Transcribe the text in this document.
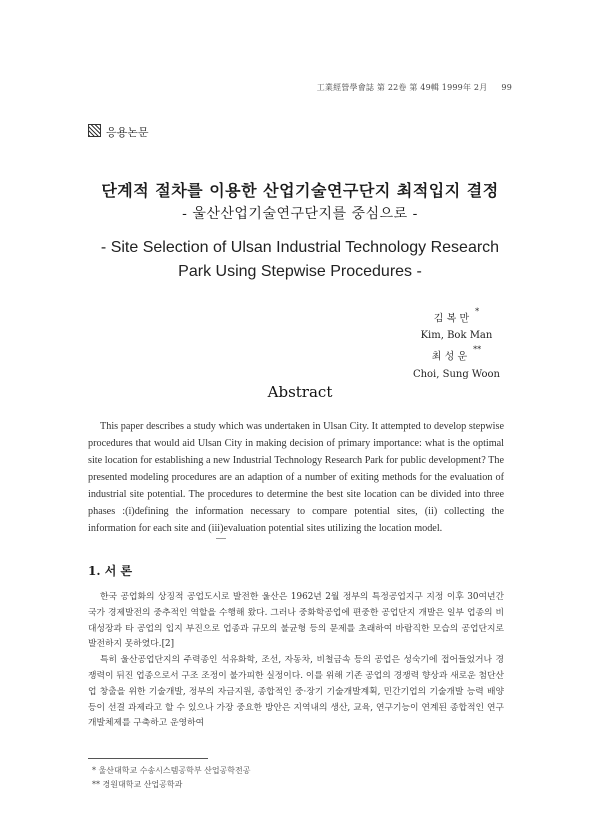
工業經營學會誌 第 22卷 第 49輯 1999年 2月 99
응용논문
단계적 절차를 이용한 산업기술연구단지 최적입지 결정
- 울산산업기술연구단지를 중심으로 -
- Site Selection of Ulsan Industrial Technology Research
Park Using Stepwise Procedures -
김 복 만*
Kim, Bok Man
최 성 운**
Choi, Sung Woon
Abstract
This paper describes a study which was undertaken in Ulsan City. It attempted to develop stepwise procedures that would aid Ulsan City in making decision of primary importance: what is the optimal site location for establishing a new Industrial Technology Research Park for public development? The presented modeling procedures are an adaption of a number of exiting methods for the evaluation of industrial site potential. The procedures to determine the best site location can be divided into three phases :(i)defining the information necessary to compare potential sites, (ii) collecting the information for each site and (iii)evaluation potential sites utilizing the location model.
1. 서 론

한국 공업화의 상징적 공업도시로 발전한 울산은 1962년 2월 정부의 특정공업지구 지정 이후 30여년간 국가 경제발전의 중추적인 역할을 수행해 왔다. 그러나 중화학공업에 편중한 공업단지 개발은 일부 업종의 비대성장과 타 공업의 입지 부진으로 업종과 규모의 불균형 등의 문제를 초래하여 바람직한 모습의 공업단지로 발전하지 못하였다.[2]

특히 울산공업단지의 주력종인 석유화학, 조선, 자동차, 비철금속 등의 공업은 성숙기에 접어들었거나 경쟁력이 뒤진 업종으로서 구조 조정이 불가피한 실정이다. 이를 위해 기존 공업의 경쟁력 향상과 새로운 첨단산업 창출을 위한 기술개발, 정부의 자금지원, 종합적인 중·장기 기술개발계획, 민간기업의 기술개발 능력 배양 등이 선결 과제라고 할 수 있으나 가장 중요한 방안은 지역내의 생산, 교육, 연구기능이 연계된 종합적인 연구개발체제를 구축하고 운영하여

* 울산대학교 수송시스템공학부 산업공학전공
** 경원대학교 산업공학과
